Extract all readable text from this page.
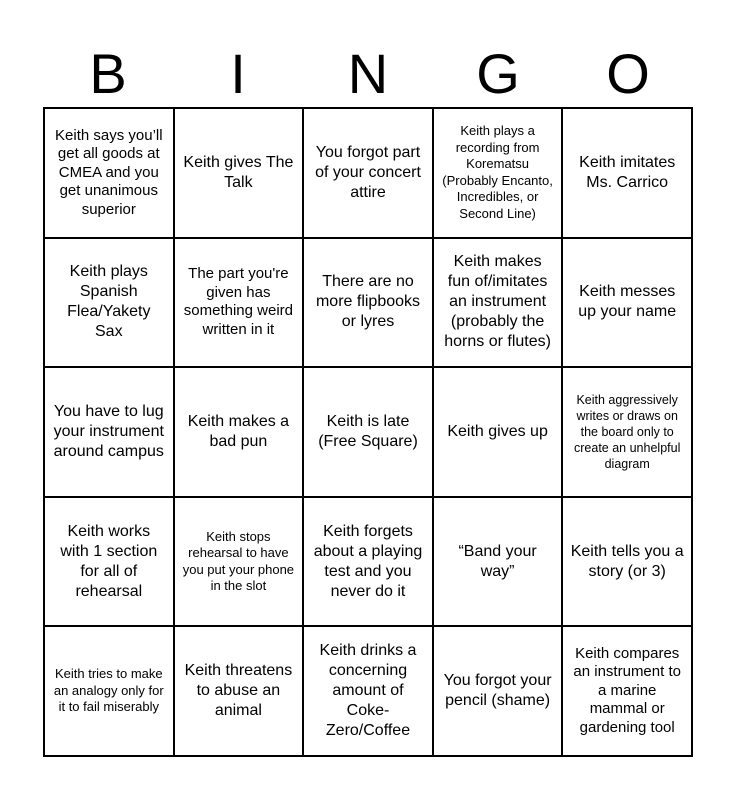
B	I	N	G	O
Keith says you’ll get all goods at CMEA and you get unanimous superior
Keith gives The Talk
You forgot part of your concert attire
Keith plays a recording from Korematsu (Probably Encanto, Incredibles, or Second Line)
Keith imitates Ms. Carrico
Keith plays Spanish Flea/Yakety Sax
The part you're given has something weird written in it
There are no more flipbooks or lyres
Keith makes fun of/imitates an instrument (probably the horns or flutes)
Keith messes up your name
You have to lug your instrument around campus
Keith makes a bad pun
Keith is late (Free Square)
Keith gives up
Keith aggressively writes or draws on the board only to create an unhelpful diagram
Keith works with 1 section for all of rehearsal
Keith stops rehearsal to have you put your phone in the slot
Keith forgets about a playing test and you never do it
“Band your way”
Keith tells you a story (or 3)
Keith tries to make an analogy only for it to fail miserably
Keith threatens to abuse an animal
Keith drinks a concerning amount of Coke-Zero/Coffee
You forgot your pencil (shame)
Keith compares an instrument to a marine mammal or gardening tool
